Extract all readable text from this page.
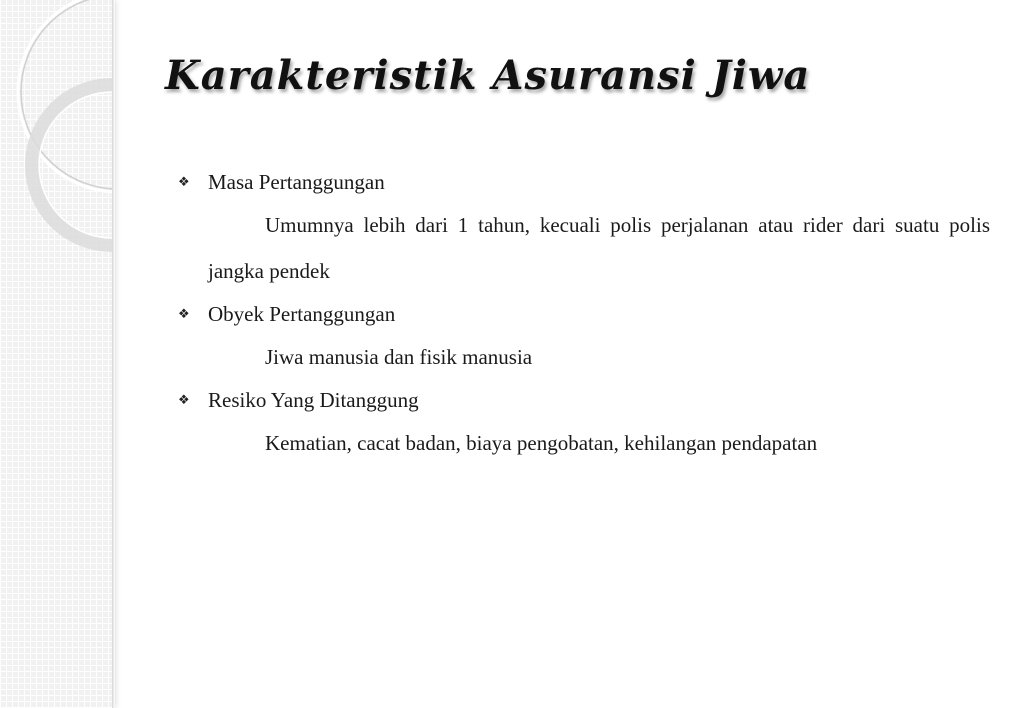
Karakteristik Asuransi Jiwa
❖ Masa Pertanggungan
Umumnya lebih dari 1 tahun, kecuali polis perjalanan atau rider dari suatu polis jangka pendek
❖ Obyek Pertanggungan
Jiwa manusia dan fisik manusia
❖ Resiko Yang Ditanggung
Kematian, cacat badan, biaya pengobatan, kehilangan pendapatan
